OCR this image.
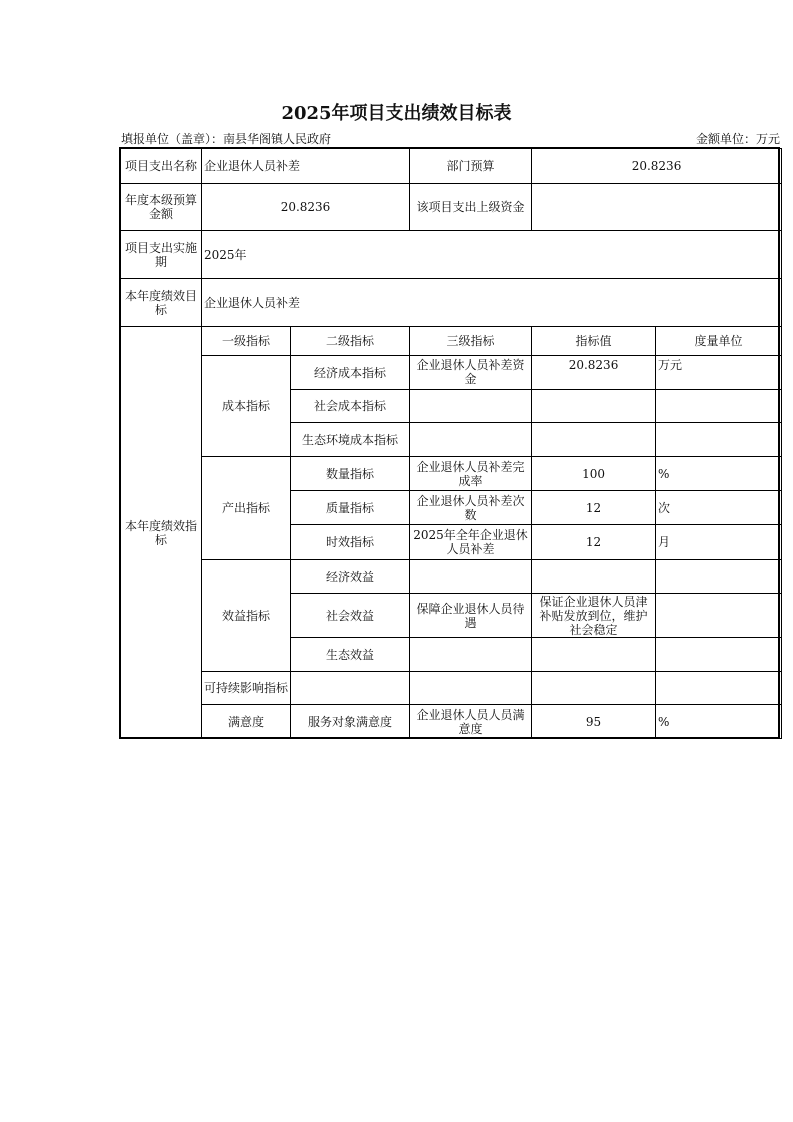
2025年项目支出绩效目标表
填报单位（盖章）：南县华阁镇人民政府	金额单位：万元
项目支出名称	企业退休人员补差		部门预算	20.8236	
年度本级预算金额	20.8236		该项目支出上级资金		
项目支出实施期	2025年				
本年度绩效目标	企业退休人员补差				
本年度绩效指标	一级指标	二级指标	三级指标	指标值	度量单位
	成本指标	经济成本指标	企业退休人员补差资金	20.8236	万元
		社会成本指标			
		生态环境成本指标			
	产出指标	数量指标	企业退休人员补差完成率	100	%
		质量指标	企业退休人员补差次数	12	次
		时效指标	2025年全年企业退休人员补差	12	月
	效益指标	经济效益			
		社会效益	保障企业退休人员待遇	保证企业退休人员津补贴发放到位，维护社会稳定	
		生态效益			
	可持续影响指标				
	满意度	服务对象满意度	企业退休人员人员满意度	95	%
